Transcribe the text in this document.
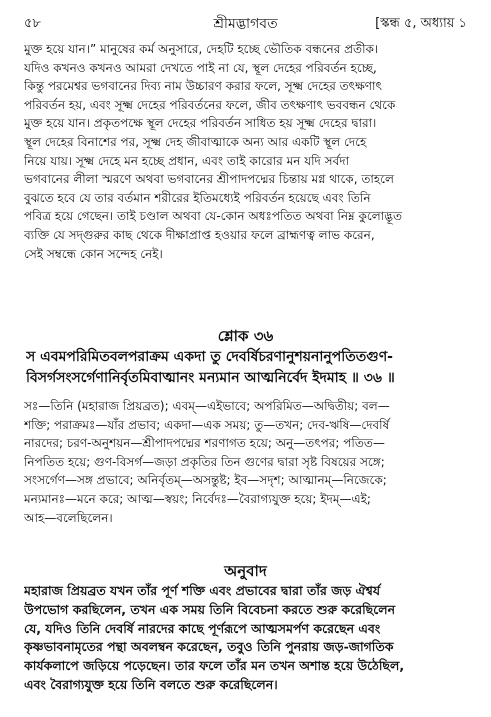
৫৮	শ্রীমদ্ভাগবত	[স্কন্ধ ৫, অধ্যায় ১
মুক্ত হয়ে যান।” মানুষের কর্ম অনুসারে, দেহটি হচ্ছে ভৌতিক বন্ধনের প্রতীক।
যদিও কখনও কখনও আমরা দেখতে পাই না যে, স্থূল দেহের পরিবর্তন হচ্ছে,
কিন্তু পরমেশ্বর ভগবানের দিব্য নাম উচ্চারণ করার ফলে, সূক্ষ্ম দেহের তৎক্ষণাৎ
পরিবর্তন হয়, এবং সূক্ষ্ম দেহের পরিবর্তনের ফলে, জীব তৎক্ষণাৎ ভববন্ধন থেকে
মুক্ত হয়ে যান। প্রকৃতপক্ষে স্থূল দেহের পরিবর্তন সাধিত হয় সূক্ষ্ম দেহের দ্বারা।
স্থূল দেহের বিনাশের পর, সূক্ষ্ম দেহ জীবাত্মাকে অন্য আর একটি স্থূল দেহে
নিয়ে যায়। সূক্ষ্ম দেহে মন হচ্ছে প্রধান, এবং তাই কারোর মন যদি সর্বদা
ভগবানের লীলা স্মরণে অথবা ভগবানের শ্রীপাদপদ্মের চিন্তায় মগ্ন থাকে, তাহলে
বুঝতে হবে যে তার বর্তমান শরীরের ইতিমধ্যেই পরিবর্তন হয়েছে এবং তিনি
পবিত্র হয়ে গেছেন। তাই চণ্ডাল অথবা যে-কোন অধঃপতিত অথবা নিম্ন কুলোদ্ভূত
ব্যক্তি যে সদ্গুরুর কাছ থেকে দীক্ষাপ্রাপ্ত হওয়ার ফলে ব্রাহ্মণত্ব লাভ করেন,
সেই সম্বন্ধে কোন সন্দেহ নেই।
শ্লোক ৩৬
স এবমপরিমিতবলপরাক্রম একদা তু দেবর্ষিচরণানুশয়নানুপতিতগুণ-
বিসর্গসংসর্গেণানির্বৃতমিবাত্মানং মন্যমান আত্মনির্বেদ ইদমাহ ॥ ৩৬ ॥
সঃ—তিনি (মহারাজ প্রিয়ব্রত); এবম্—এইভাবে; অপরিমিত—অদ্বিতীয়; বল—
শক্তি; পরাক্রমঃ—যাঁর প্রভাব; একদা—এক সময়; তু—তখন; দেব-ঋষি—দেবর্ষি
নারদের; চরণ-অনুশয়ন—শ্রীপাদপদ্মের শরণাগত হয়ে; অনু—তৎপর; পতিত—
নিপতিত হয়ে; গুণ-বিসর্গ—জড়া প্রকৃতির তিন গুণের দ্বারা সৃষ্ট বিষয়ের সঙ্গে;
সংসর্গেণ—সঙ্গ প্রভাবে; অনির্বৃতম্—অসন্তুষ্ট; ইব—সদৃশ; আত্মানম্—নিজেকে;
মন্যমানঃ—মনে করে; আত্ম—স্বয়ং; নির্বেদঃ—বৈরাগ্যযুক্ত হয়ে; ইদম্—এই;
আহ—বলেছিলেন।
অনুবাদ
মহারাজ প্রিয়ব্রত যখন তাঁর পূর্ণ শক্তি এবং প্রভাবের দ্বারা তাঁর জড় ঐশ্বর্য
উপভোগ করছিলেন, তখন এক সময় তিনি বিবেচনা করতে শুরু করেছিলেন
যে, যদিও তিনি দেবর্ষি নারদের কাছে পূর্ণরূপে আত্মসমর্পণ করেছেন এবং
কৃষ্ণভাবনামৃতের পন্থা অবলম্বন করেছেন, তবুও তিনি পুনরায় জড়-জাগতিক
কার্যকলাপে জড়িয়ে পড়েছেন। তার ফলে তাঁর মন তখন অশান্ত হয়ে উঠেছিল,
এবং বৈরাগ্যযুক্ত হয়ে তিনি বলতে শুরু করেছিলেন।
